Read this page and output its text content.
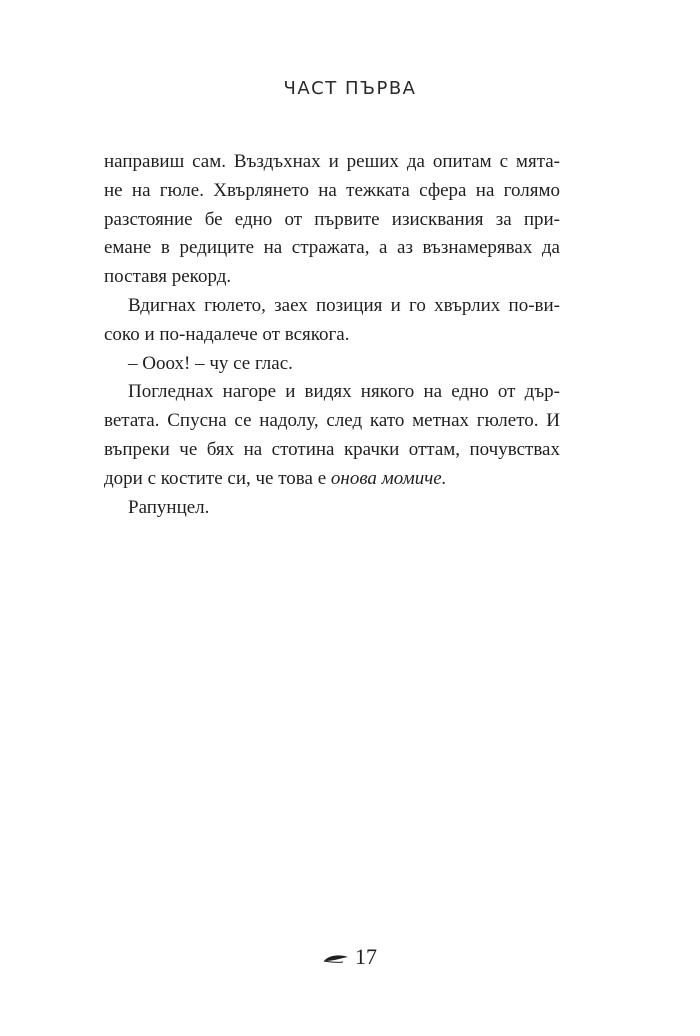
ЧАСТ ПЪРВА

направиш сам. Въздъхнах и реших да опитам с мята-
не на гюле. Хвърлянето на тежката сфера на голямо
разстояние бе едно от първите изисквания за при-
емане в редиците на стражата, а аз възнамерявах да
поставя рекорд.

Вдигнах гюлето, заех позиция и го хвърлих по-ви-
соко и по-надалече от всякога.

– Ооох! – чу се глас.

Погледнах нагоре и видях някого на едно от дър-
ветата. Спусна се надолу, след като метнах гюлето. И
въпреки че бях на стотина крачки оттам, почувствах
дори с костите си, че това е онова момиче.

Рапунцел.

17
